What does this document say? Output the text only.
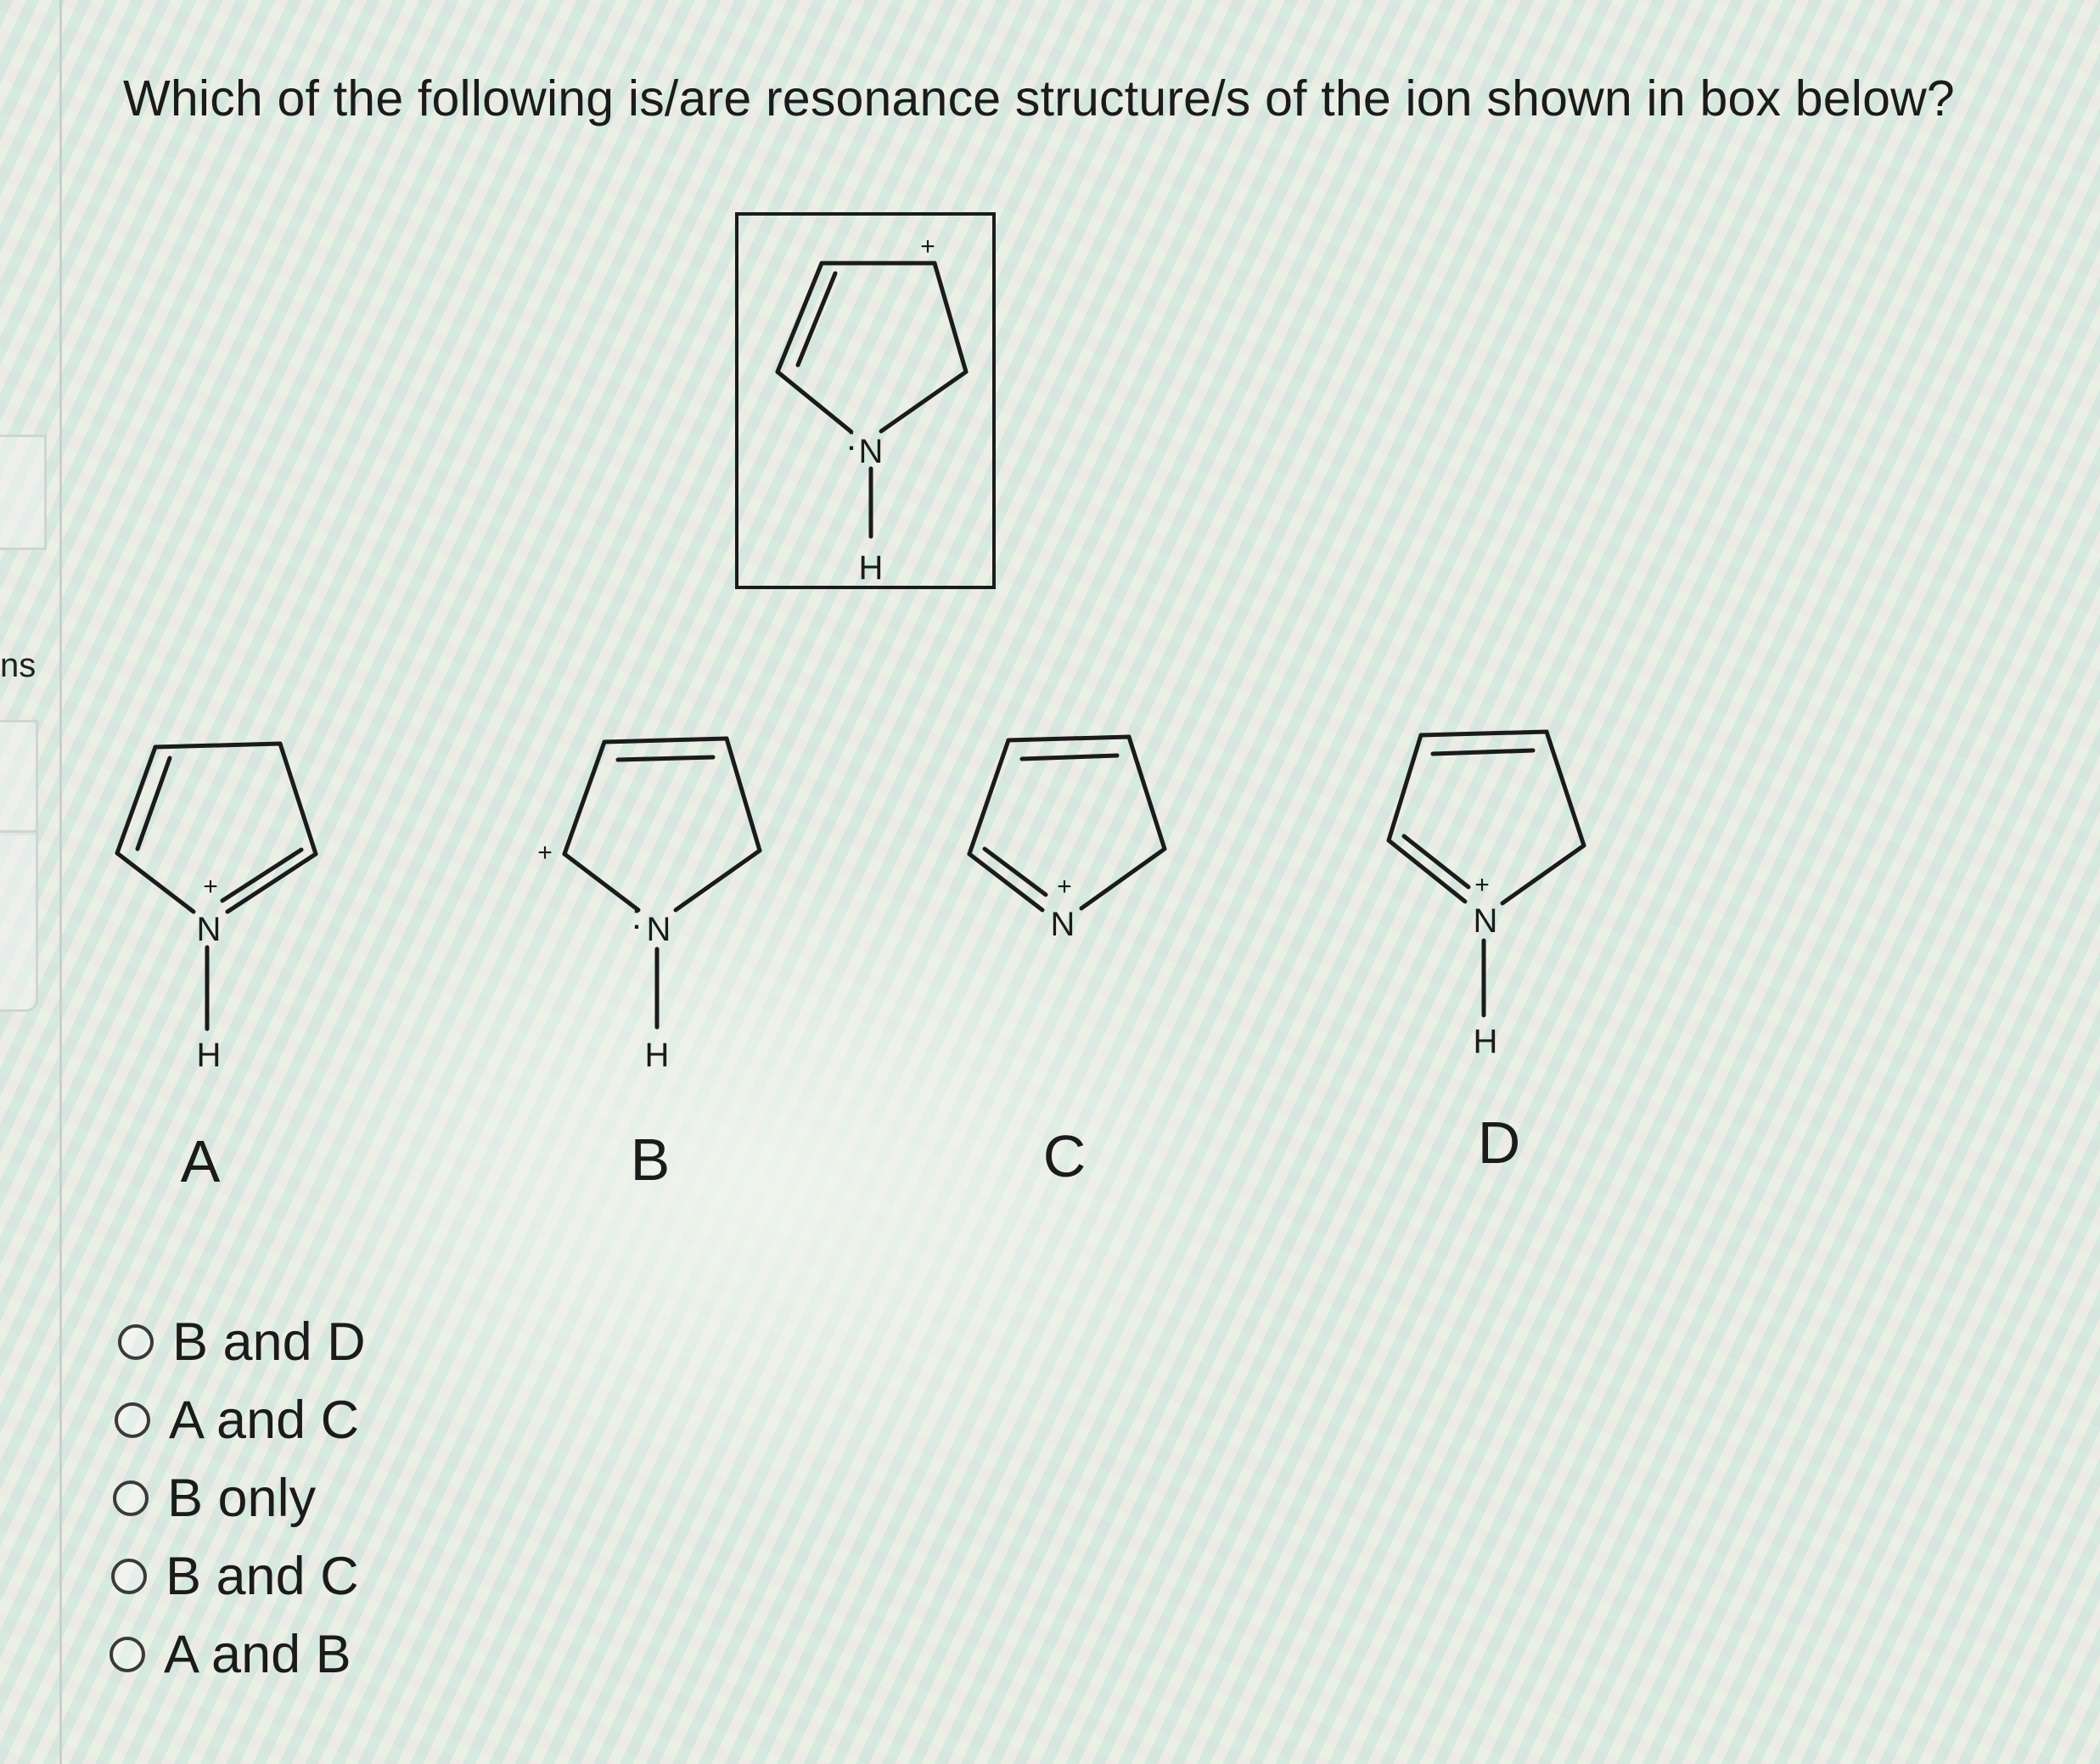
ns
Which of the following is/are resonance structure/s of the ion shown in box below?
+
: N
H
+
N
H
+
: N
H
+
N
+
N
H
A	B	C	D
B and D
A and C
B only
B and C
A and B
